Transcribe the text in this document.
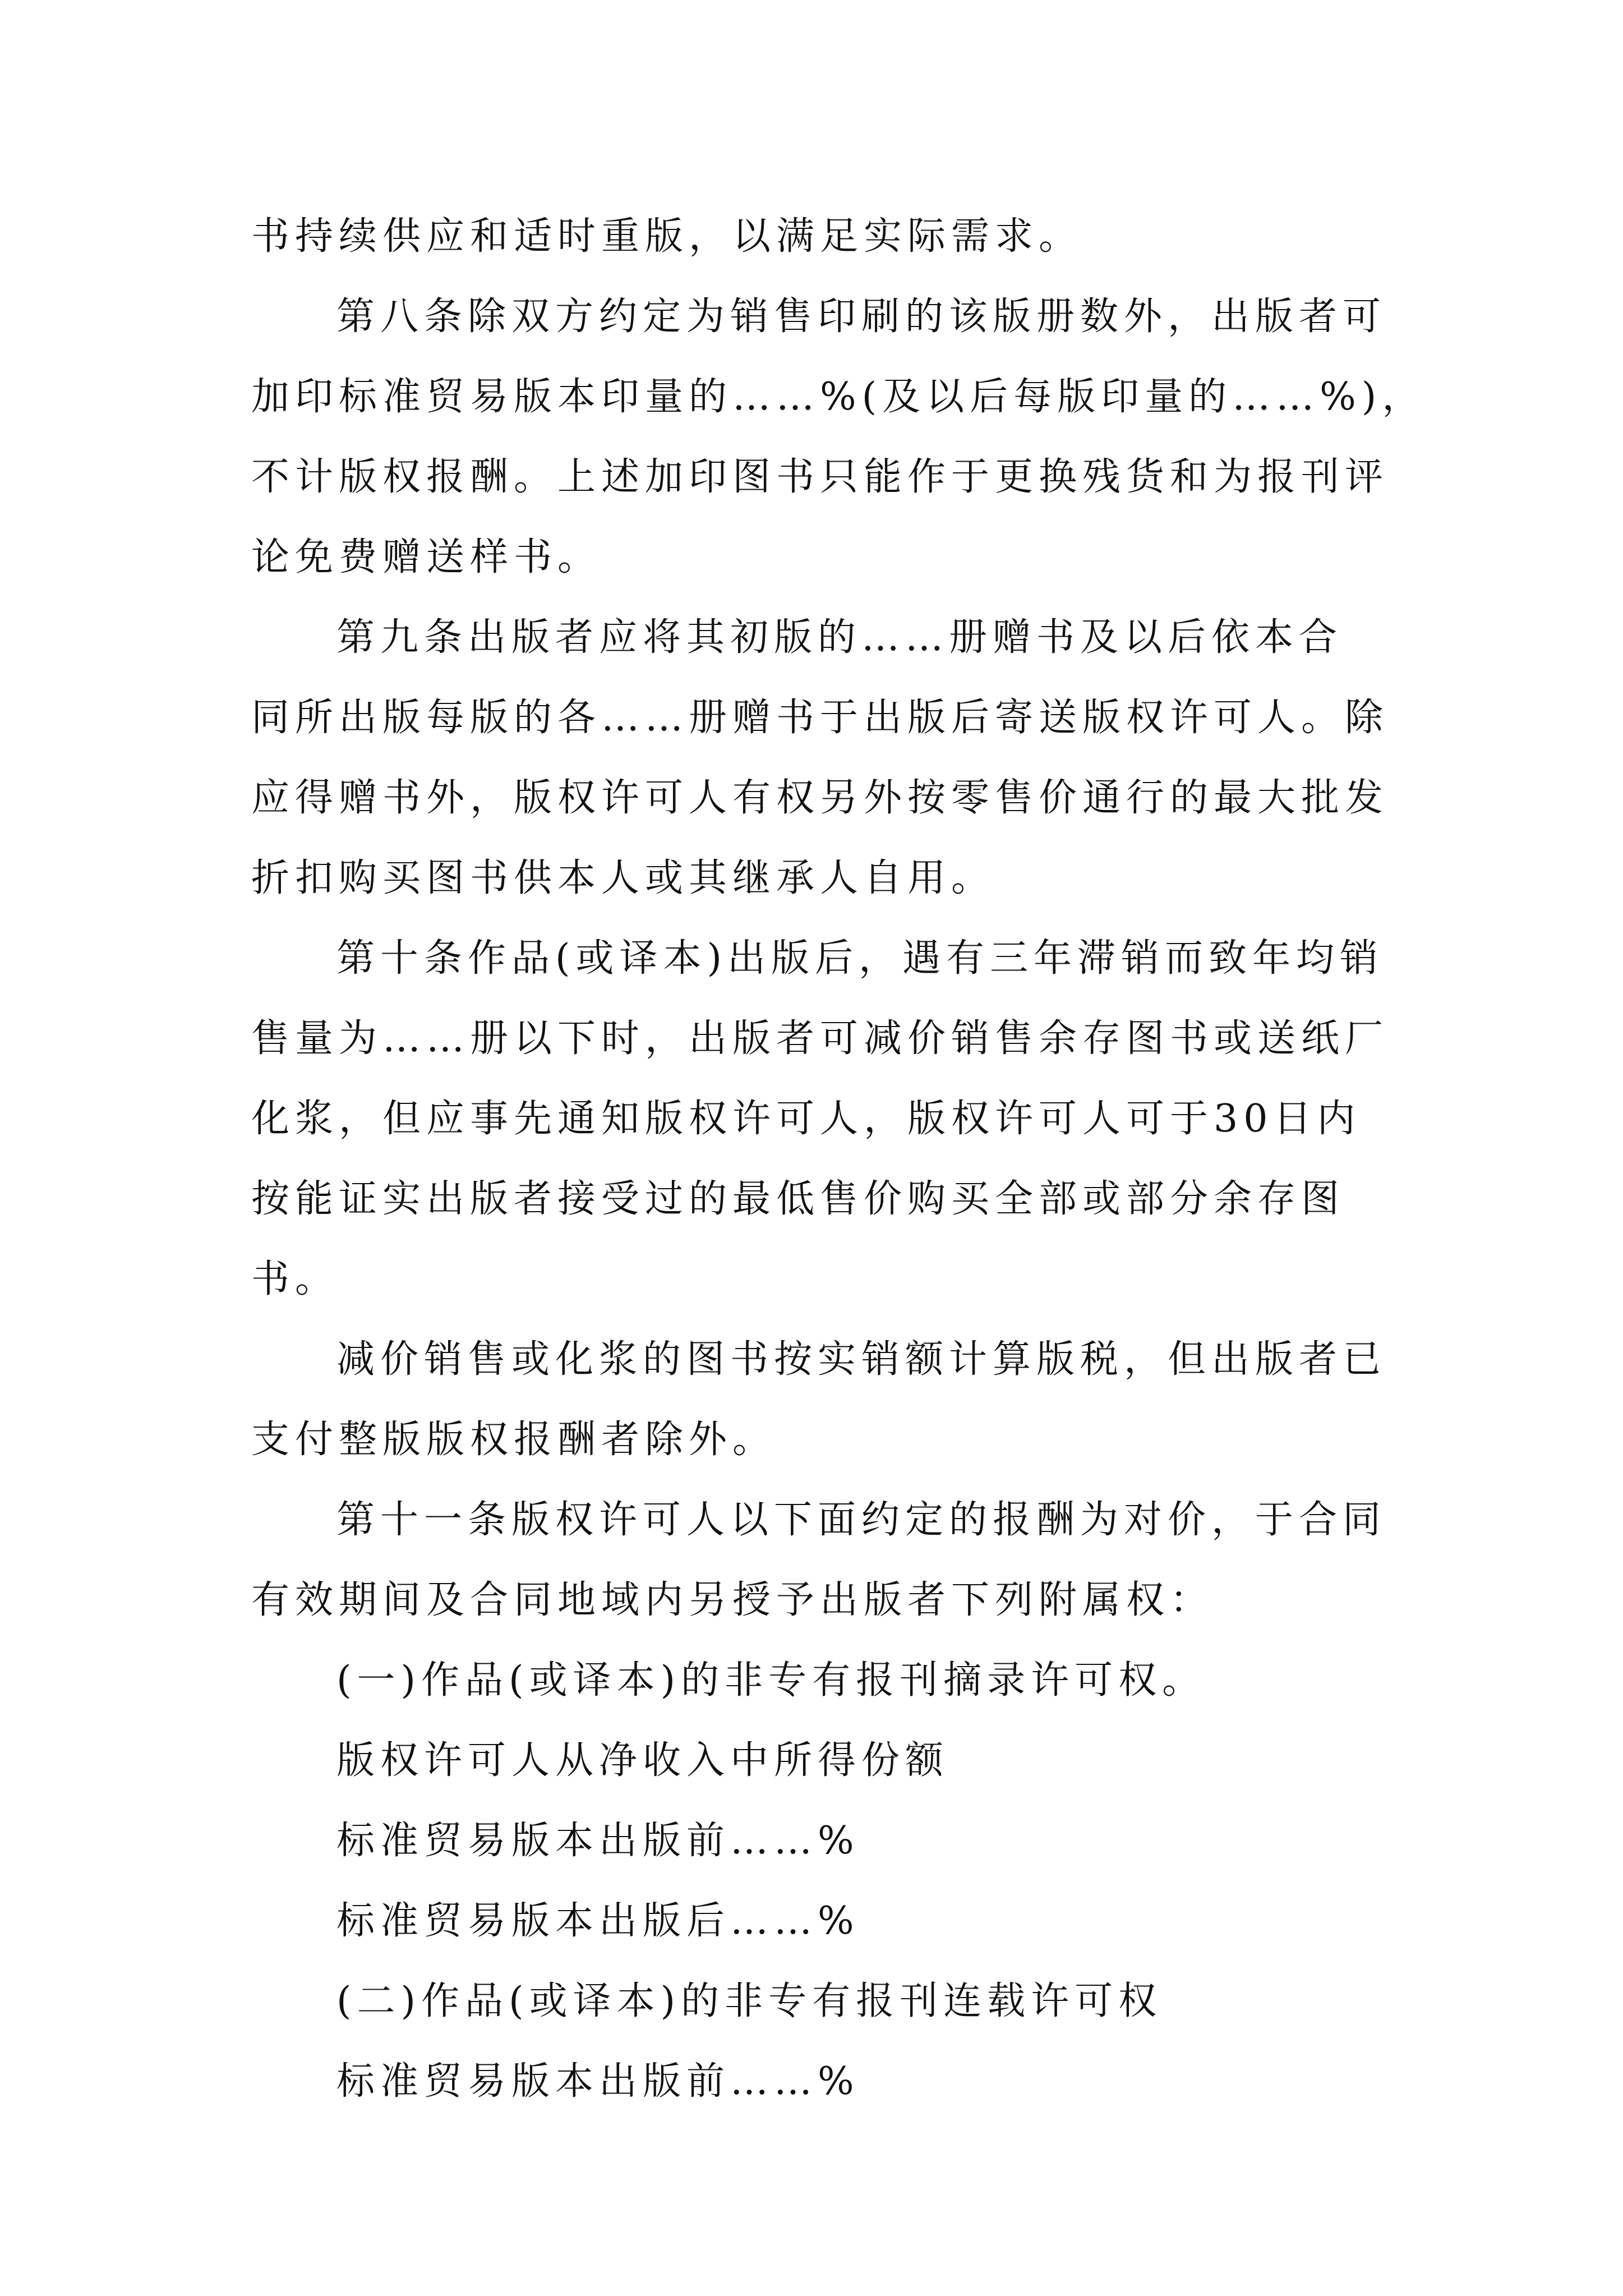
书持续供应和适时重版，以满足实际需求。
第八条除双方约定为销售印刷的该版册数外，出版者可
加印标准贸易版本印量的……%(及以后每版印量的……%)，
不计版权报酬。上述加印图书只能作于更换残货和为报刊评
论免费赠送样书。
第九条出版者应将其初版的……册赠书及以后依本合
同所出版每版的各……册赠书于出版后寄送版权许可人。除
应得赠书外，版权许可人有权另外按零售价通行的最大批发
折扣购买图书供本人或其继承人自用。
第十条作品(或译本)出版后，遇有三年滞销而致年均销
售量为……册以下时，出版者可减价销售余存图书或送纸厂
化浆，但应事先通知版权许可人，版权许可人可于30日内
按能证实出版者接受过的最低售价购买全部或部分余存图
书。
减价销售或化浆的图书按实销额计算版税，但出版者已
支付整版版权报酬者除外。
第十一条版权许可人以下面约定的报酬为对价，于合同
有效期间及合同地域内另授予出版者下列附属权：
(一)作品(或译本)的非专有报刊摘录许可权。
版权许可人从净收入中所得份额
标准贸易版本出版前……%
标准贸易版本出版后……%
(二)作品(或译本)的非专有报刊连载许可权
标准贸易版本出版前……%
